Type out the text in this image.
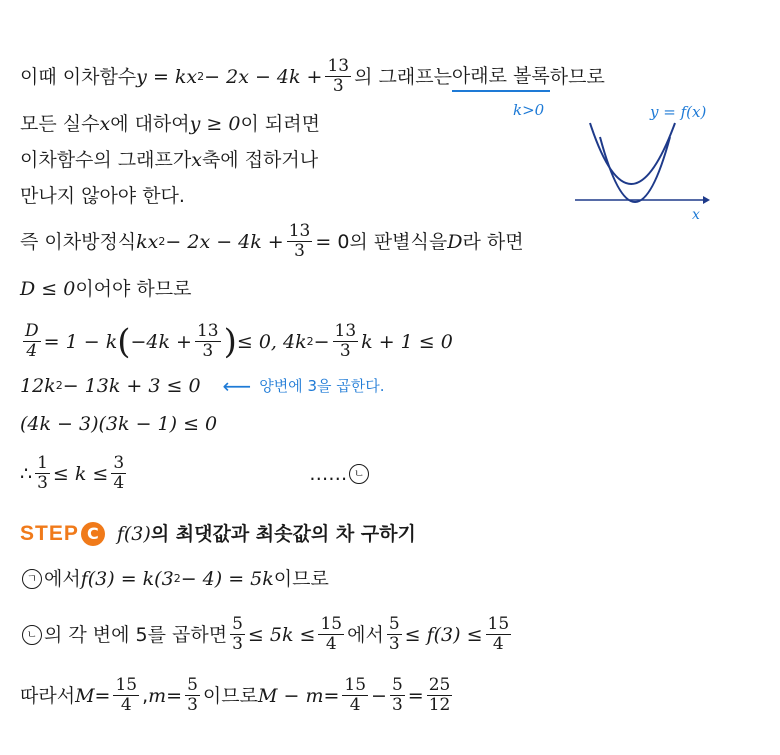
이때 이차함수 y = kx $2 - 2x - 4k + \frac{13}{3}$ 의 그래프는 아래로 볼록 하므로
모든 실수 x 에 대하여 y ≥ 0 이 되려면
이차함수의 그래프가 x 축에 접하거나
만나지 않아야 한다.
k>0	y = f(x)
x
즉 이차방정식 kx $2 - 2x - 4k + \frac{13}{3} = 0$의 판별식을 D 라 하면
D ≤ 0 이어야 하므로
$\frac{D}{4} = 1 - k$ ( $-4k + \frac{13}{3}$ ) ≤ 0, 4k $2 - \frac{13}{3}$ k + 1 ≤ 0
12k 2 − 13k + 3 ≤ 0 ⟵ 양변에 3을 곱한다.
(4k − 3)(3k − 1) ≤ 0
∴ $\frac{1}{3} \le k \le \frac{3}{4}$	…… ㄴ
STEP C f(3) 의 최댓값과 최솟값의 차 구하기
ㄱ 에서 f(3) = k(3 2 − 4) = 5k 이므로
ㄴ 의 각 변에 5를 곱하면 $\frac{5}{3} \le 5k \le \frac{15}{4}$ 에서 $\frac{5}{3} \le f(3) \le \frac{15}{4}$
따라서 $M = \frac{15}{4}$ , $m = \frac{5}{3}$ 이므로 $M - m = \frac{15}{4} - \frac{5}{3} = \frac{25}{12}$
